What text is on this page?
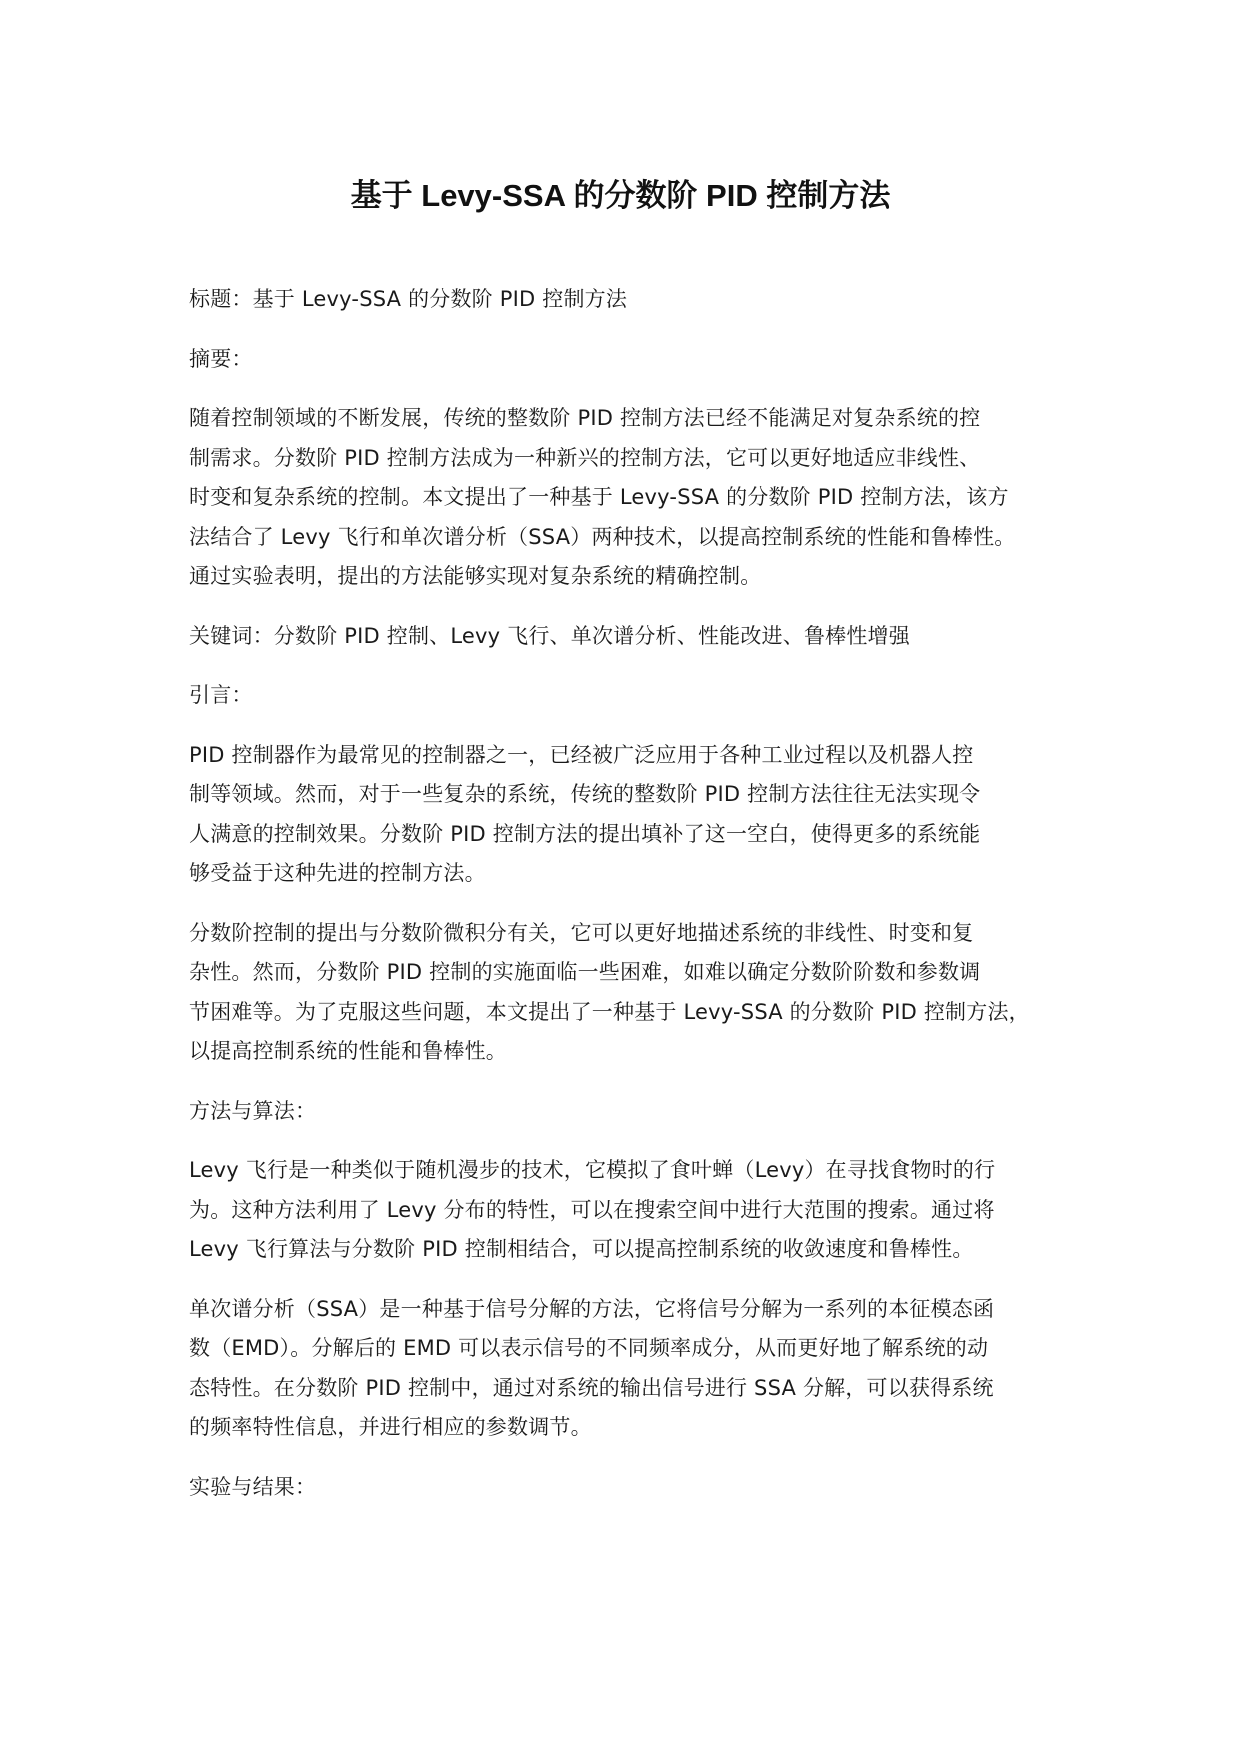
基于 Levy-SSA 的分数阶 PID 控制方法

标题：基于 Levy-SSA 的分数阶 PID 控制方法

摘要：

随着控制领域的不断发展，传统的整数阶 PID 控制方法已经不能满足对复杂系统的控
制需求。分数阶 PID 控制方法成为一种新兴的控制方法，它可以更好地适应非线性、
时变和复杂系统的控制。本文提出了一种基于 Levy-SSA 的分数阶 PID 控制方法，该方
法结合了 Levy 飞行和单次谱分析（SSA）两种技术，以提高控制系统的性能和鲁棒性。
通过实验表明，提出的方法能够实现对复杂系统的精确控制。

关键词：分数阶 PID 控制、Levy 飞行、单次谱分析、性能改进、鲁棒性增强

引言：

PID 控制器作为最常见的控制器之一，已经被广泛应用于各种工业过程以及机器人控
制等领域。然而，对于一些复杂的系统，传统的整数阶 PID 控制方法往往无法实现令
人满意的控制效果。分数阶 PID 控制方法的提出填补了这一空白，使得更多的系统能
够受益于这种先进的控制方法。

分数阶控制的提出与分数阶微积分有关，它可以更好地描述系统的非线性、时变和复
杂性。然而，分数阶 PID 控制的实施面临一些困难，如难以确定分数阶阶数和参数调
节困难等。为了克服这些问题，本文提出了一种基于 Levy-SSA 的分数阶 PID 控制方法，
以提高控制系统的性能和鲁棒性。

方法与算法：

Levy 飞行是一种类似于随机漫步的技术，它模拟了食叶蝉（Levy）在寻找食物时的行
为。这种方法利用了 Levy 分布的特性，可以在搜索空间中进行大范围的搜索。通过将
Levy 飞行算法与分数阶 PID 控制相结合，可以提高控制系统的收敛速度和鲁棒性。

单次谱分析（SSA）是一种基于信号分解的方法，它将信号分解为一系列的本征模态函
数（EMD）。分解后的 EMD 可以表示信号的不同频率成分，从而更好地了解系统的动
态特性。在分数阶 PID 控制中，通过对系统的输出信号进行 SSA 分解，可以获得系统
的频率特性信息，并进行相应的参数调节。

实验与结果：
